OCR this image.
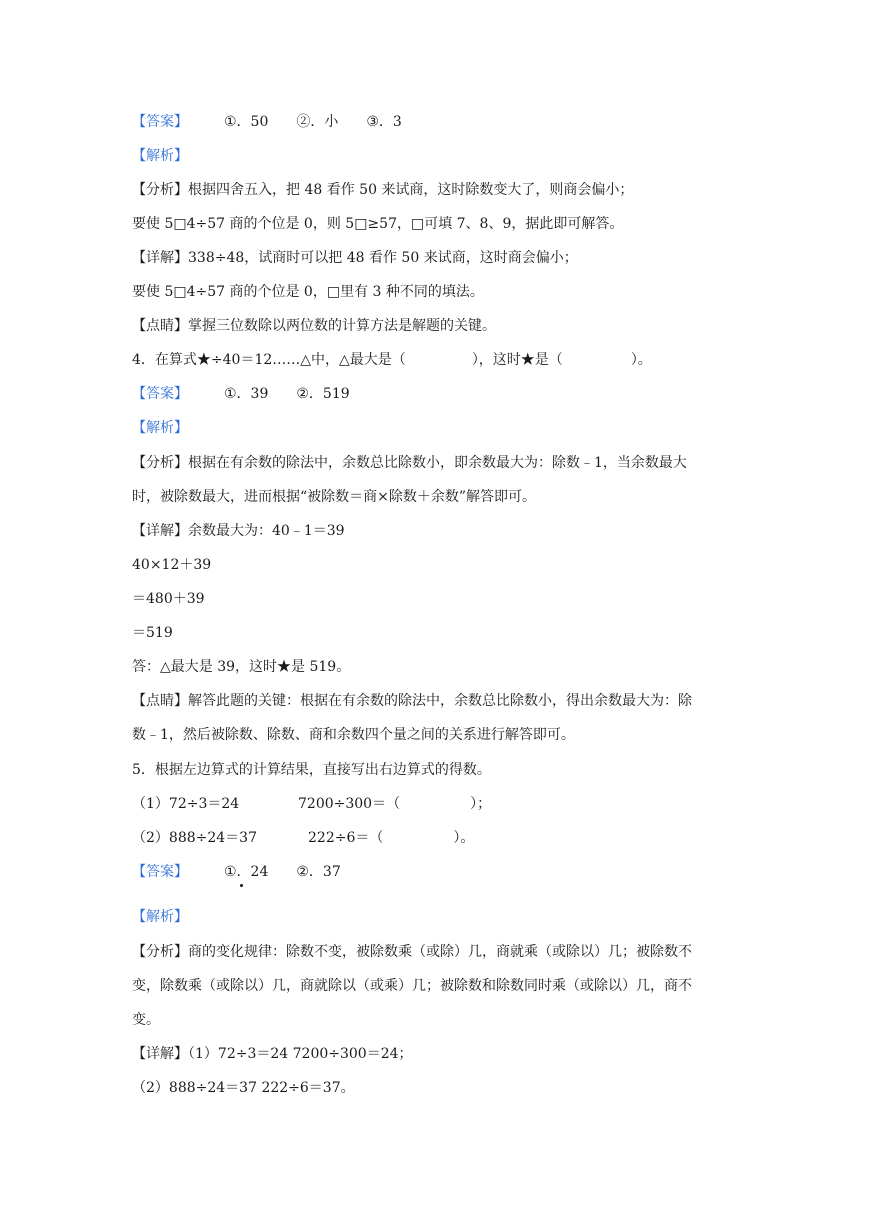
【答案】	①．50 ②．小 ③．3
【解析】
【分析】根据四舍五入，把 48 看作 50 来试商，这时除数变大了，则商会偏小；
要使 5□4÷57 商的个位是 0，则 5□≥57，□可填 7、8、9，据此即可解答。
【详解】338÷48，试商时可以把 48 看作 50 来试商，这时商会偏小；
要使 5□4÷57 商的个位是 0，□里有 3 种不同的填法。
【点睛】掌握三位数除以两位数的计算方法是解题的关键。
4．在算式★÷40＝12……△中，△最大是（	），这时★是（	）。
【答案】	①．39 ②．519
【解析】
【分析】根据在有余数的除法中，余数总比除数小，即余数最大为：除数﹣1，当余数最大
时，被除数最大，进而根据“被除数＝商×除数＋余数”解答即可。
【详解】余数最大为：40﹣1＝39
40×12＋39
＝480＋39
＝519
答：△最大是 39，这时★是 519。
【点睛】解答此题的关键：根据在有余数的除法中，余数总比除数小，得出余数最大为：除
数﹣1，然后被除数、除数、商和余数四个量之间的关系进行解答即可。
5．根据左边算式的计算结果，直接写出右边算式的得数。
（1）72÷3＝24	7200÷300＝（	）；
（2）888÷24＝37	222÷6＝（	）。
【答案】	①．24 ②．37
【解析】
【分析】商的变化规律：除数不变，被除数乘（或除）几，商就乘（或除以）几；被除数不
变，除数乘（或除以）几，商就除以（或乘）几；被除数和除数同时乘（或除以）几，商不
变。
【详解】（1）72÷3＝24 7200÷300＝24；
（2）888÷24＝37 222÷6＝37。
